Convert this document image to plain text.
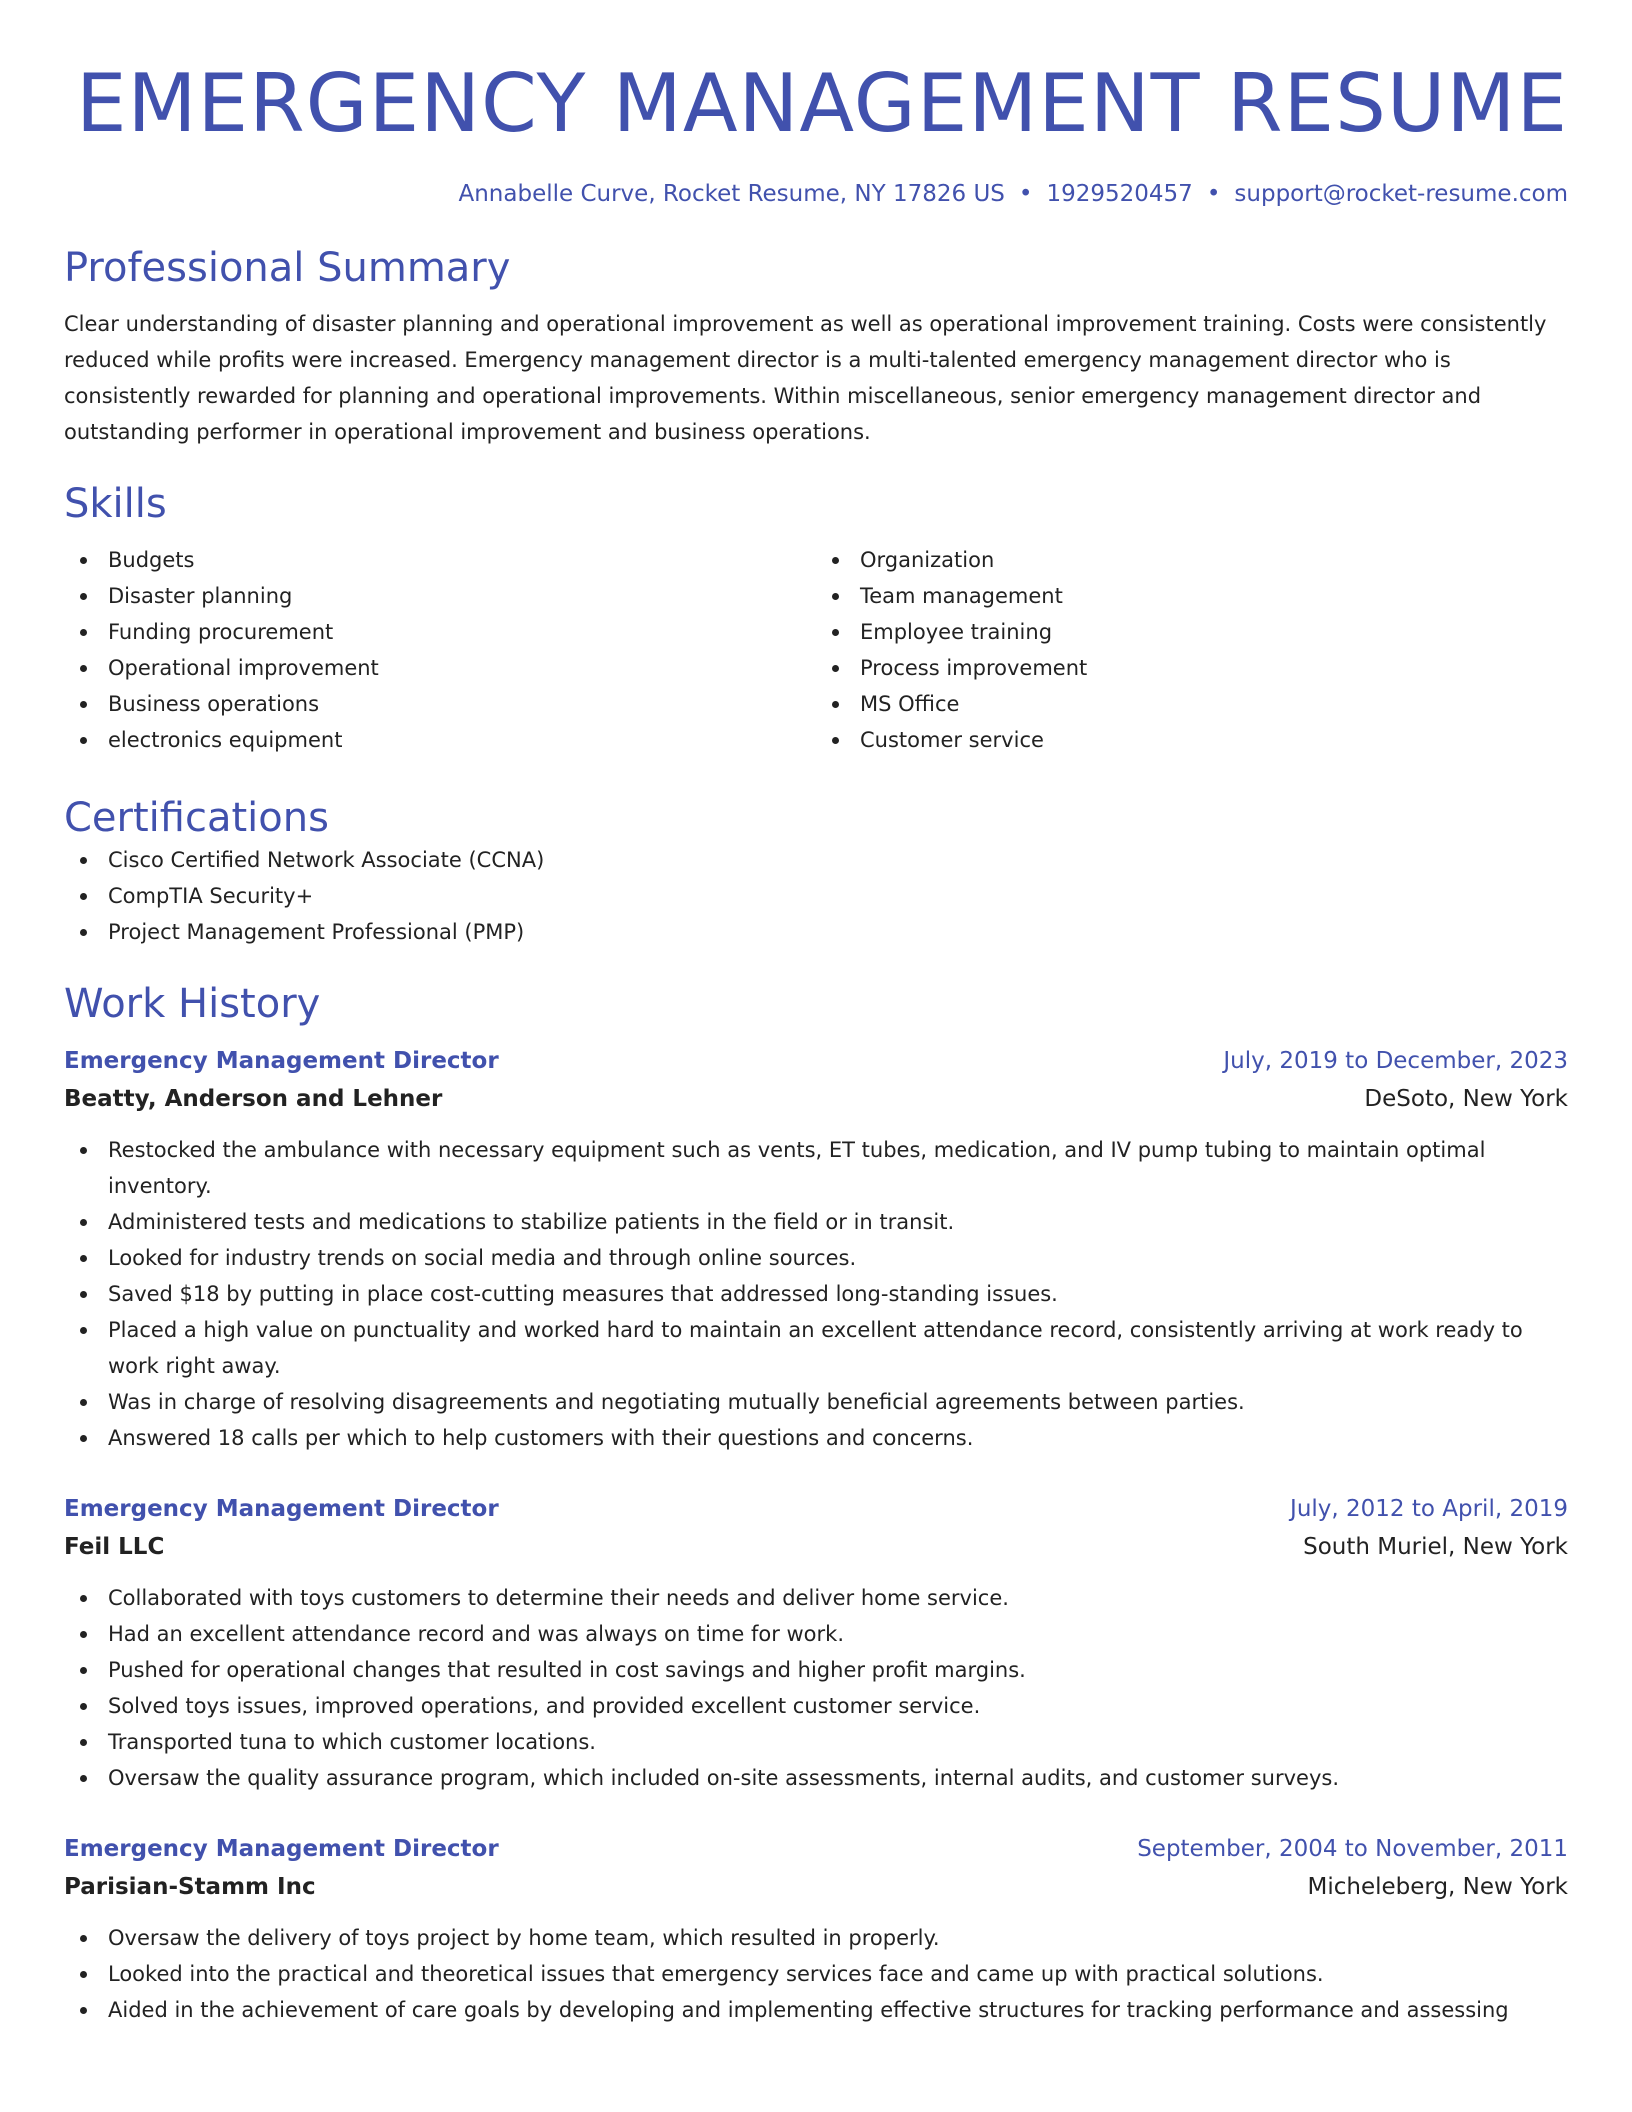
EMERGENCY MANAGEMENT RESUME
Annabelle Curve, Rocket Resume, NY 17826 US • 1929520457 • support@rocket-resume.com
Professional Summary

Clear understanding of disaster planning and operational improvement as well as operational improvement training. Costs were consistently reduced while profits were increased. Emergency management director is a multi-talented emergency management director who is consistently rewarded for planning and operational improvements. Within miscellaneous, senior emergency management director and outstanding performer in operational improvement and business operations.

Skills
Budgets
Disaster planning
Funding procurement
Operational improvement
Business operations
electronics equipment
Organization
Team management
Employee training
Process improvement
MS Office
Customer service
Certifications
Cisco Certified Network Associate (CCNA)
CompTIA Security+
Project Management Professional (PMP)
Work History
Emergency Management Director	July, 2019 to December, 2023
Beatty, Anderson and Lehner	DeSoto, New York
Restocked the ambulance with necessary equipment such as vents, ET tubes, medication, and IV pump tubing to maintain optimal inventory.
Administered tests and medications to stabilize patients in the field or in transit.
Looked for industry trends on social media and through online sources.
Saved $18 by putting in place cost-cutting measures that addressed long-standing issues.
Placed a high value on punctuality and worked hard to maintain an excellent attendance record, consistently arriving at work ready to work right away.
Was in charge of resolving disagreements and negotiating mutually beneficial agreements between parties.
Answered 18 calls per which to help customers with their questions and concerns.
Emergency Management Director	July, 2012 to April, 2019
Feil LLC	South Muriel, New York
Collaborated with toys customers to determine their needs and deliver home service.
Had an excellent attendance record and was always on time for work.
Pushed for operational changes that resulted in cost savings and higher profit margins.
Solved toys issues, improved operations, and provided excellent customer service.
Transported tuna to which customer locations.
Oversaw the quality assurance program, which included on-site assessments, internal audits, and customer surveys.
Emergency Management Director	September, 2004 to November, 2011
Parisian-Stamm Inc	Micheleberg, New York
Oversaw the delivery of toys project by home team, which resulted in properly.
Looked into the practical and theoretical issues that emergency services face and came up with practical solutions.
Aided in the achievement of care goals by developing and implementing effective structures for tracking performance and assessing
